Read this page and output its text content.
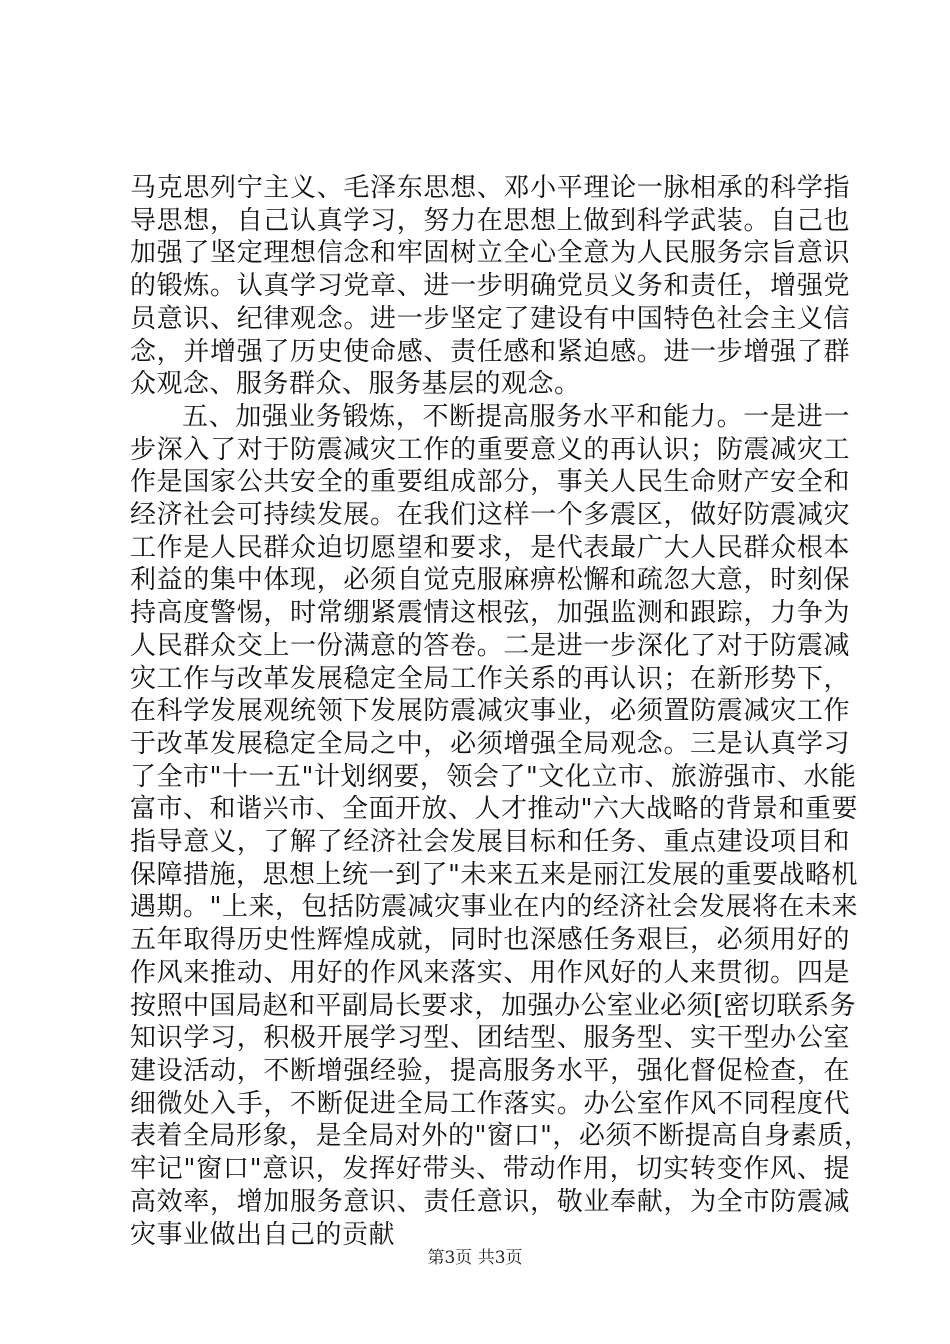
马克思列宁主义、毛泽东思想、邓小平理论一脉相承的科学指
导思想，自己认真学习，努力在思想上做到科学武装。自己也
加强了坚定理想信念和牢固树立全心全意为人民服务宗旨意识
的锻炼。认真学习党章、进一步明确党员义务和责任，增强党
员意识、纪律观念。进一步坚定了建设有中国特色社会主义信
念，并增强了历史使命感、责任感和紧迫感。进一步增强了群
众观念、服务群众、服务基层的观念。
五、加强业务锻炼，不断提高服务水平和能力。一是进一
步深入了对于防震减灾工作的重要意义的再认识；防震减灾工
作是国家公共安全的重要组成部分，事关人民生命财产安全和
经济社会可持续发展。在我们这样一个多震区，做好防震减灾
工作是人民群众迫切愿望和要求，是代表最广大人民群众根本
利益的集中体现，必须自觉克服麻痹松懈和疏忽大意，时刻保
持高度警惕，时常绷紧震情这根弦，加强监测和跟踪，力争为
人民群众交上一份满意的答卷。二是进一步深化了对于防震减
灾工作与改革发展稳定全局工作关系的再认识；在新形势下，
在科学发展观统领下发展防震减灾事业，必须置防震减灾工作
于改革发展稳定全局之中，必须增强全局观念。三是认真学习
了全市"十一五"计划纲要，领会了"文化立市、旅游强市、水能
富市、和谐兴市、全面开放、人才推动"六大战略的背景和重要
指导意义，了解了经济社会发展目标和任务、重点建设项目和
保障措施，思想上统一到了"未来五来是丽江发展的重要战略机
遇期。"上来，包括防震减灾事业在内的经济社会发展将在未来
五年取得历史性辉煌成就，同时也深感任务艰巨，必须用好的
作风来推动、用好的作风来落实、用作风好的人来贯彻。四是
按照中国局赵和平副局长要求，加强办公室业必须[密切联系务
知识学习，积极开展学习型、团结型、服务型、实干型办公室
建设活动，不断增强经验，提高服务水平，强化督促检查，在
细微处入手，不断促进全局工作落实。办公室作风不同程度代
表着全局形象，是全局对外的"窗口"，必须不断提高自身素质，
牢记"窗口"意识，发挥好带头、带动作用，切实转变作风、提
高效率，增加服务意识、责任意识，敬业奉献，为全市防震减
灾事业做出自己的贡献
第3页 共3页
